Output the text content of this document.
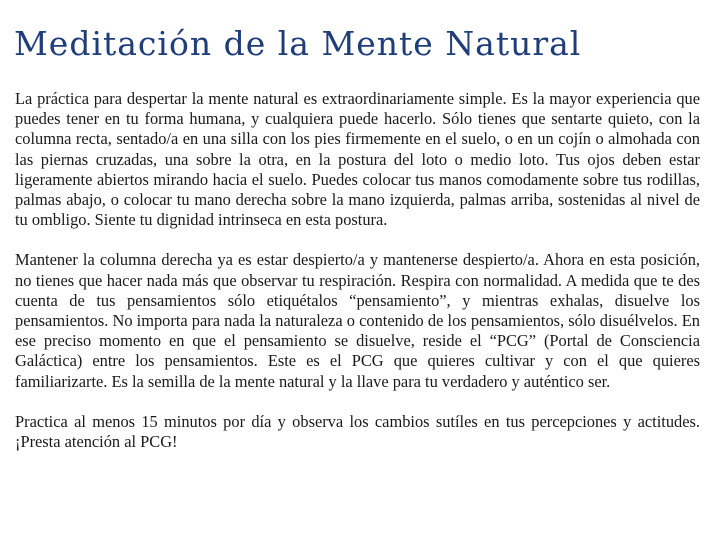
Meditación de la Mente Natural

La práctica para despertar la mente natural es extraordinariamente simple. Es la mayor experiencia que puedes tener en tu forma humana, y cualquiera puede hacerlo. Sólo tienes que sentarte quieto, con la columna recta, sentado/a en una silla con los pies firmemente en el suelo, o en un cojín o almohada con las piernas cruzadas, una sobre la otra, en la postura del loto o medio loto. Tus ojos deben estar ligeramente abiertos mirando hacia el suelo. Puedes colocar tus manos comodamente sobre tus rodillas, palmas abajo, o colocar tu mano derecha sobre la mano izquierda, palmas arriba, sostenidas al nivel de tu ombligo. Siente tu dignidad intrinseca en esta postura.

Mantener la columna derecha ya es estar despierto/a y mantenerse despierto/a. Ahora en esta posición, no tienes que hacer nada más que observar tu respiración. Respira con normalidad. A medida que te des cuenta de tus pensamientos sólo etiquétalos “pensamiento”, y mientras exhalas, disuelve los pensamientos. No importa para nada la naturaleza o contenido de los pensamientos, sólo disuélvelos. En ese preciso momento en que el pensamiento se disuelve, reside el “PCG” (Portal de Consciencia Galáctica) entre los pensamientos. Este es el PCG que quieres cultivar y con el que quieres familiarizarte. Es la semilla de la mente natural y la llave para tu verdadero y auténtico ser.

Practica al menos 15 minutos por día y observa los cambios sutíles en tus percepciones y actitudes. ¡Presta atención al PCG!
